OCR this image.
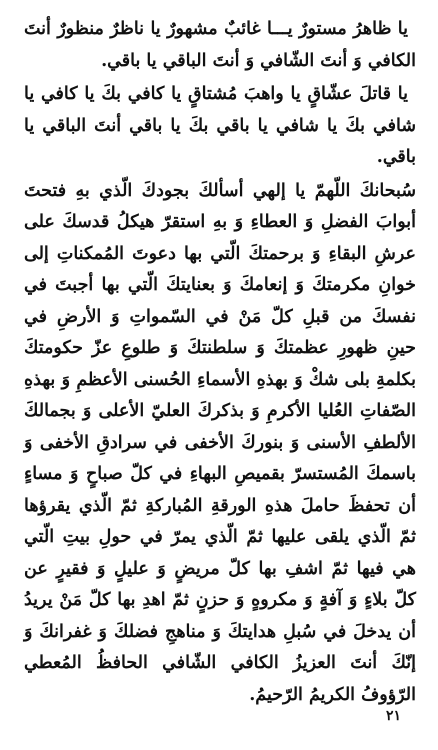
يا ظاهرُ مستورٌ يـــا غائبٌ مشهورٌ يا ناظرٌ منظورٌ أنتَ الكافي وَ أنتَ الشّافي وَ أنتَ الباقي يا باقي.

يا قاتلَ عشّاقٍ يا واهبَ مُشتاقٍ يا كافي بكَ يا كافي يا شافي بكَ يا شافي يا باقي بكَ يا باقي أنتَ الباقي يا باقي.

سُبحانكَ اللّهمّ يا إلهي أسألكَ بجودكَ الّذي بهِ فتحتَ أبوابَ الفضلِ وَ العطاءِ وَ بهِ استقرّ هيكلُ قدسكَ على عرشِ البقاءِ وَ برحمتكَ الّتي بها دعوتَ المُمكناتِ إلى خوانِ مكرمتكَ وَ إنعامكَ وَ بعنايتكَ الّتي بها أجبتَ في نفسكَ من قبلِ كلّ مَنْ في السّمواتِ وَ الأرضِ في حينِ ظهورِ عظمتكَ وَ سلطنتكَ وَ طلوعِ عزّ حكومتكَ بكلمةِ بلى شكْ وَ بهذهِ الأسماءِ الحُسنى الأعظمِ وَ بهذهِ الصّفاتِ العُليا الأكرمِ وَ بذكركَ العليّ الأعلى وَ بجمالكَ الألطفِ الأسنى وَ بنوركَ الأخفى في سرادقِ الأخفى وَ باسمكَ المُستسرّ بقميصِ البهاءِ في كلّ صباحٍ وَ مساءٍ أن تحفظَ حاملَ هذهِ الورقةِ المُباركةِ ثمّ الّذي يقرؤها ثمّ الّذي يلقى عليها ثمّ الّذي يمرّ في حولِ بيتِ الّتي هي فيها ثمّ اشفِ بها كلّ مريضٍ وَ عليلٍ وَ فقيرٍ عن كلّ بلاءٍ وَ آفةٍ وَ مكروهٍ وَ حزنٍ ثمّ اهدِ بها كلّ مَنْ يريدُ أن يدخلَ في سُبلِ هدايتكَ وَ مناهجِ فضلكَ وَ غفرانكَ وَ إنّكَ أنتَ العزيزُ الكافي الشّافي الحافظُ المُعطي الرّؤوفُ الكريمُ الرّحيمُ.

٢١
